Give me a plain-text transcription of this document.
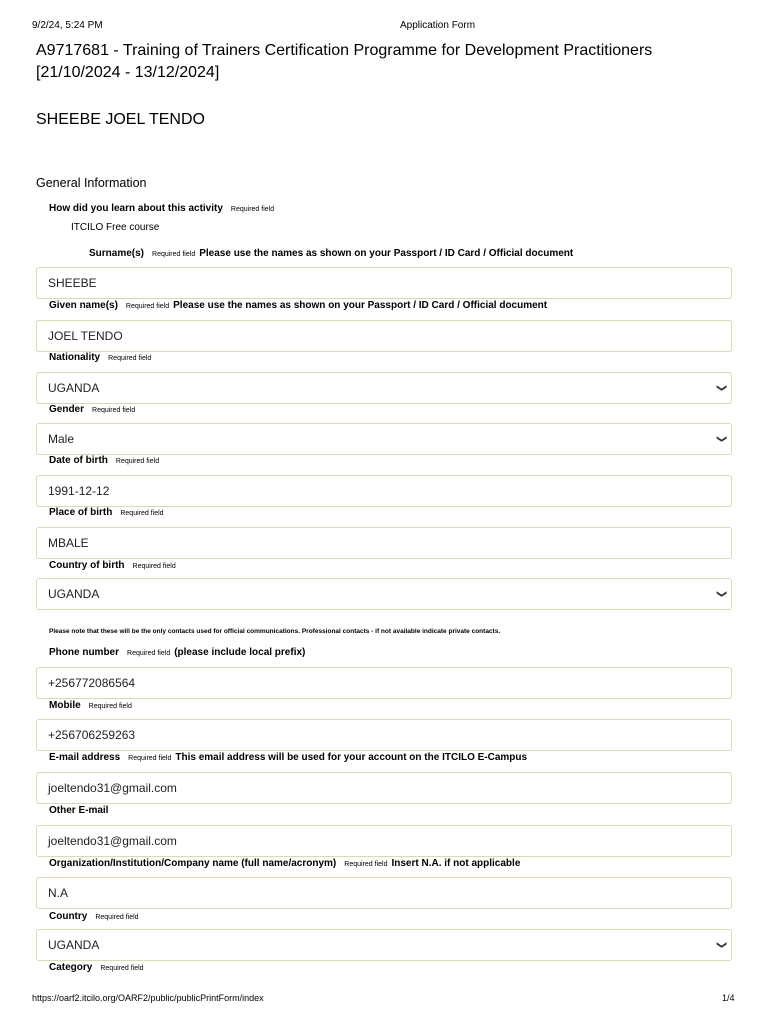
9/2/24, 5:24 PM	Application Form
A9717681 - Training of Trainers Certification Programme for Development Practitioners [21/10/2024 - 13/12/2024]
SHEEBE JOEL TENDO
General Information
How did you learn about this activity Required field
ITCILO Free course
Surname(s) Required field Please use the names as shown on your Passport / ID Card / Official document
SHEEBE
Given name(s) Required field Please use the names as shown on your Passport / ID Card / Official document
JOEL TENDO
Nationality Required field
UGANDA	❯
Gender Required field
Male	❯
Date of birth Required field
1991-12-12
Place of birth Required field
MBALE
Country of birth Required field
UGANDA	❯
Please note that these will be the only contacts used for official communications. Professional contacts - if not available indicate private contacts.
Phone number Required field (please include local prefix)
+256772086564
Mobile Required field
+256706259263
E-mail address Required field This email address will be used for your account on the ITCILO E-Campus
joeltendo31@gmail.com
Other E-mail
joeltendo31@gmail.com
Organization/Institution/Company name (full name/acronym) Required field Insert N.A. if not applicable
N.A
Country Required field
UGANDA	❯
Category Required field
https://oarf2.itcilo.org/OARF2/public/publicPrintForm/index	1/4
